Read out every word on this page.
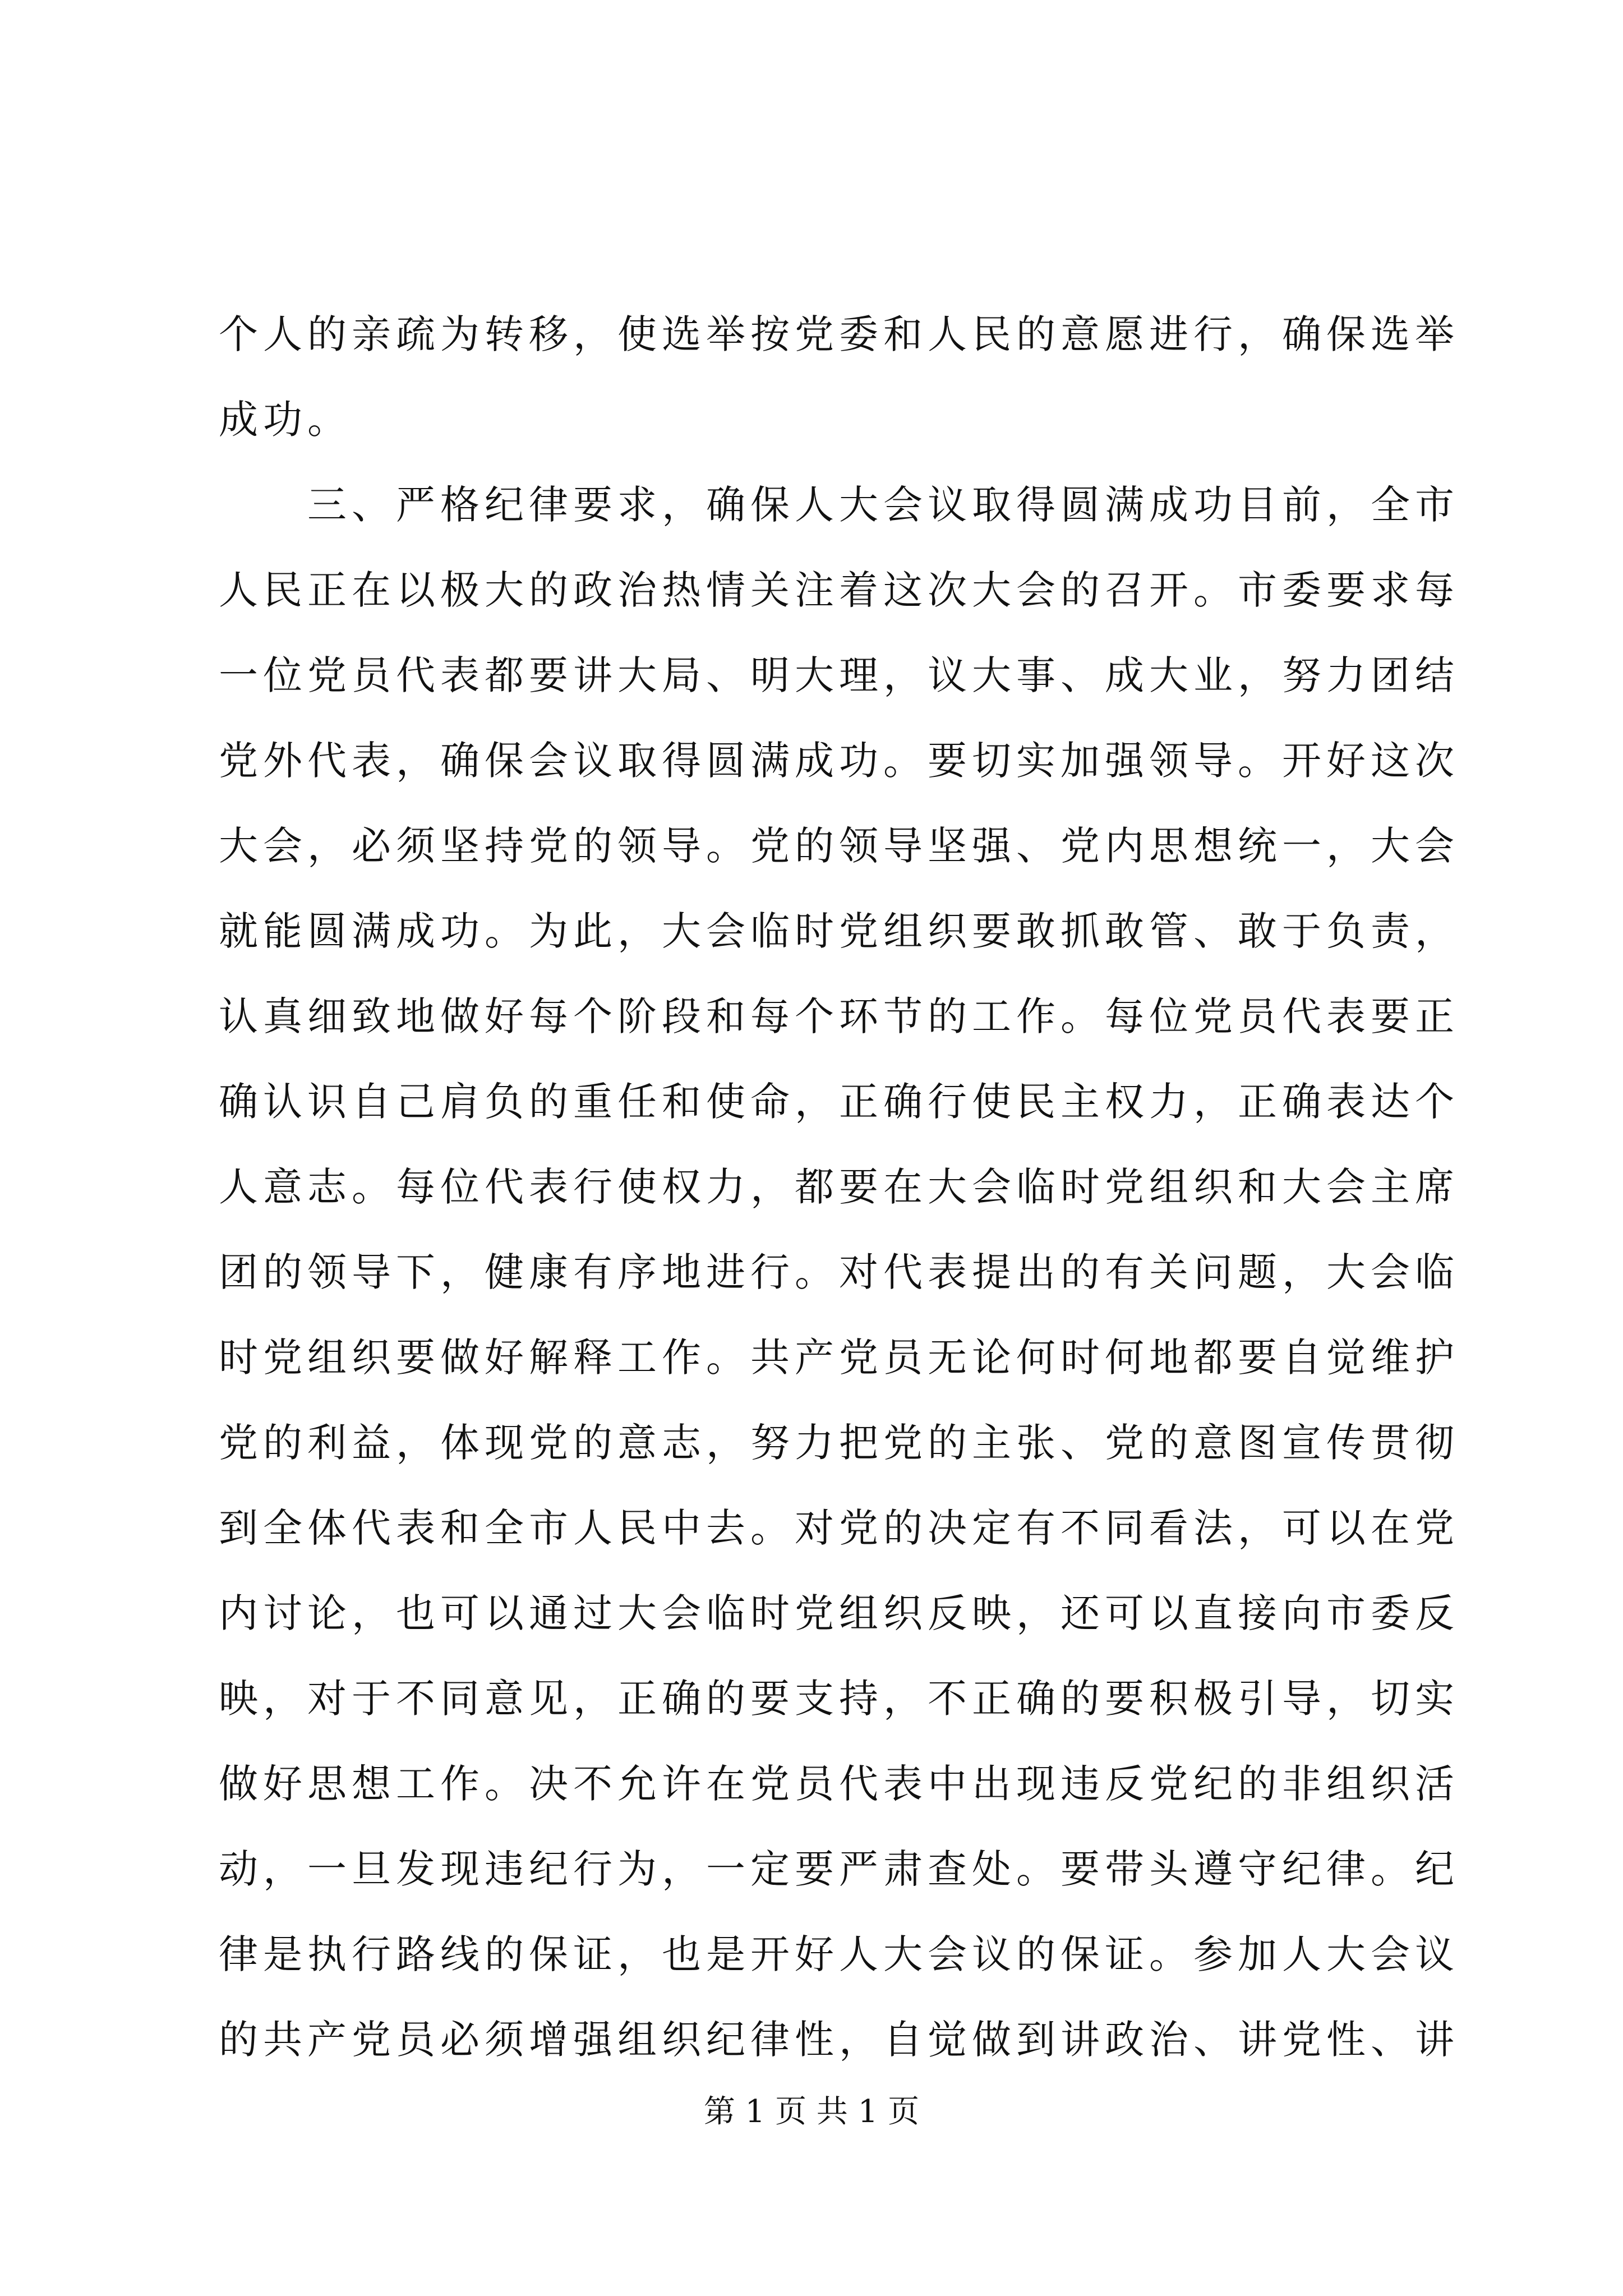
个人的亲疏为转移，使选举按党委和人民的意愿进行，确保选举
成功。
　　三、严格纪律要求，确保人大会议取得圆满成功目前，全市
人民正在以极大的政治热情关注着这次大会的召开。市委要求每
一位党员代表都要讲大局、明大理，议大事、成大业，努力团结
党外代表，确保会议取得圆满成功。要切实加强领导。开好这次
大会，必须坚持党的领导。党的领导坚强、党内思想统一，大会
就能圆满成功。为此，大会临时党组织要敢抓敢管、敢于负责，
认真细致地做好每个阶段和每个环节的工作。每位党员代表要正
确认识自己肩负的重任和使命，正确行使民主权力，正确表达个
人意志。每位代表行使权力，都要在大会临时党组织和大会主席
团的领导下，健康有序地进行。对代表提出的有关问题，大会临
时党组织要做好解释工作。共产党员无论何时何地都要自觉维护
党的利益，体现党的意志，努力把党的主张、党的意图宣传贯彻
到全体代表和全市人民中去。对党的决定有不同看法，可以在党
内讨论，也可以通过大会临时党组织反映，还可以直接向市委反
映，对于不同意见，正确的要支持，不正确的要积极引导，切实
做好思想工作。决不允许在党员代表中出现违反党纪的非组织活
动，一旦发现违纪行为，一定要严肃查处。要带头遵守纪律。纪
律是执行路线的保证，也是开好人大会议的保证。参加人大会议
的共产党员必须增强组织纪律性，自觉做到讲政治、讲党性、讲
第 1 页 共 1 页
